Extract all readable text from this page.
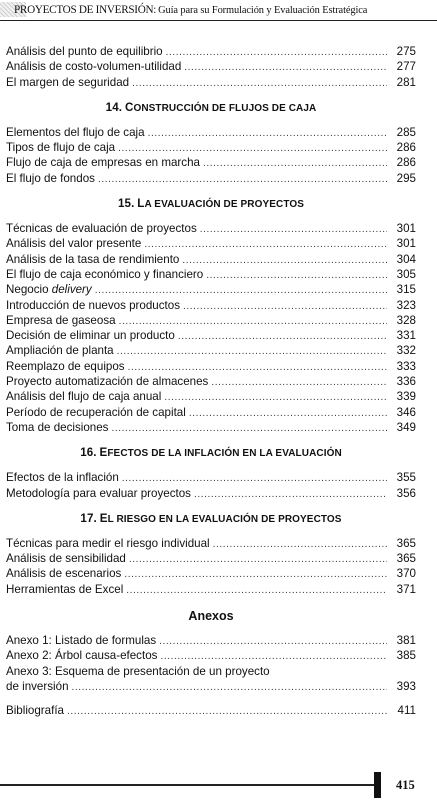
PROYECTOS DE INVERSIÓN: Guía para su Formulación y Evaluación Estratégica
Análisis del punto de equilibrio .....	275
Análisis de costo-volumen-utilidad .....	277
El margen de seguridad .....	281
14. CONSTRUCCIÓN DE FLUJOS DE CAJA
Elementos del flujo de caja .....	285
Tipos de flujo de caja .....	286
Flujo de caja de empresas en marcha .....	286
El flujo de fondos .....	295
15. LA EVALUACIÓN DE PROYECTOS
Técnicas de evaluación de proyectos .....	301
Análisis del valor presente .....	301
Análisis de la tasa de rendimiento .....	304
El flujo de caja económico y financiero .....	305
Negocio delivery .....	315
Introducción de nuevos productos .....	323
Empresa de gaseosa .....	328
Decisión de eliminar un producto .....	331
Ampliación de planta .....	332
Reemplazo de equipos .....	333
Proyecto automatización de almacenes .....	336
Análisis del flujo de caja anual .....	339
Período de recuperación de capital .....	346
Toma de decisiones .....	349
16. EFECTOS DE LA INFLACIÓN EN LA EVALUACIÓN
Efectos de la inflación .....	355
Metodología para evaluar proyectos .....	356
17. EL RIESGO EN LA EVALUACIÓN DE PROYECTOS
Técnicas para medir el riesgo individual .....	365
Análisis de sensibilidad .....	365
Análisis de escenarios .....	370
Herramientas de Excel .....	371
Anexos
Anexo 1: Listado de formulas .....	381
Anexo 2: Árbol causa-efectos .....	385
Anexo 3: Esquema de presentación de un proyecto
de inversión .....	393
Bibliografía .....	411
415
